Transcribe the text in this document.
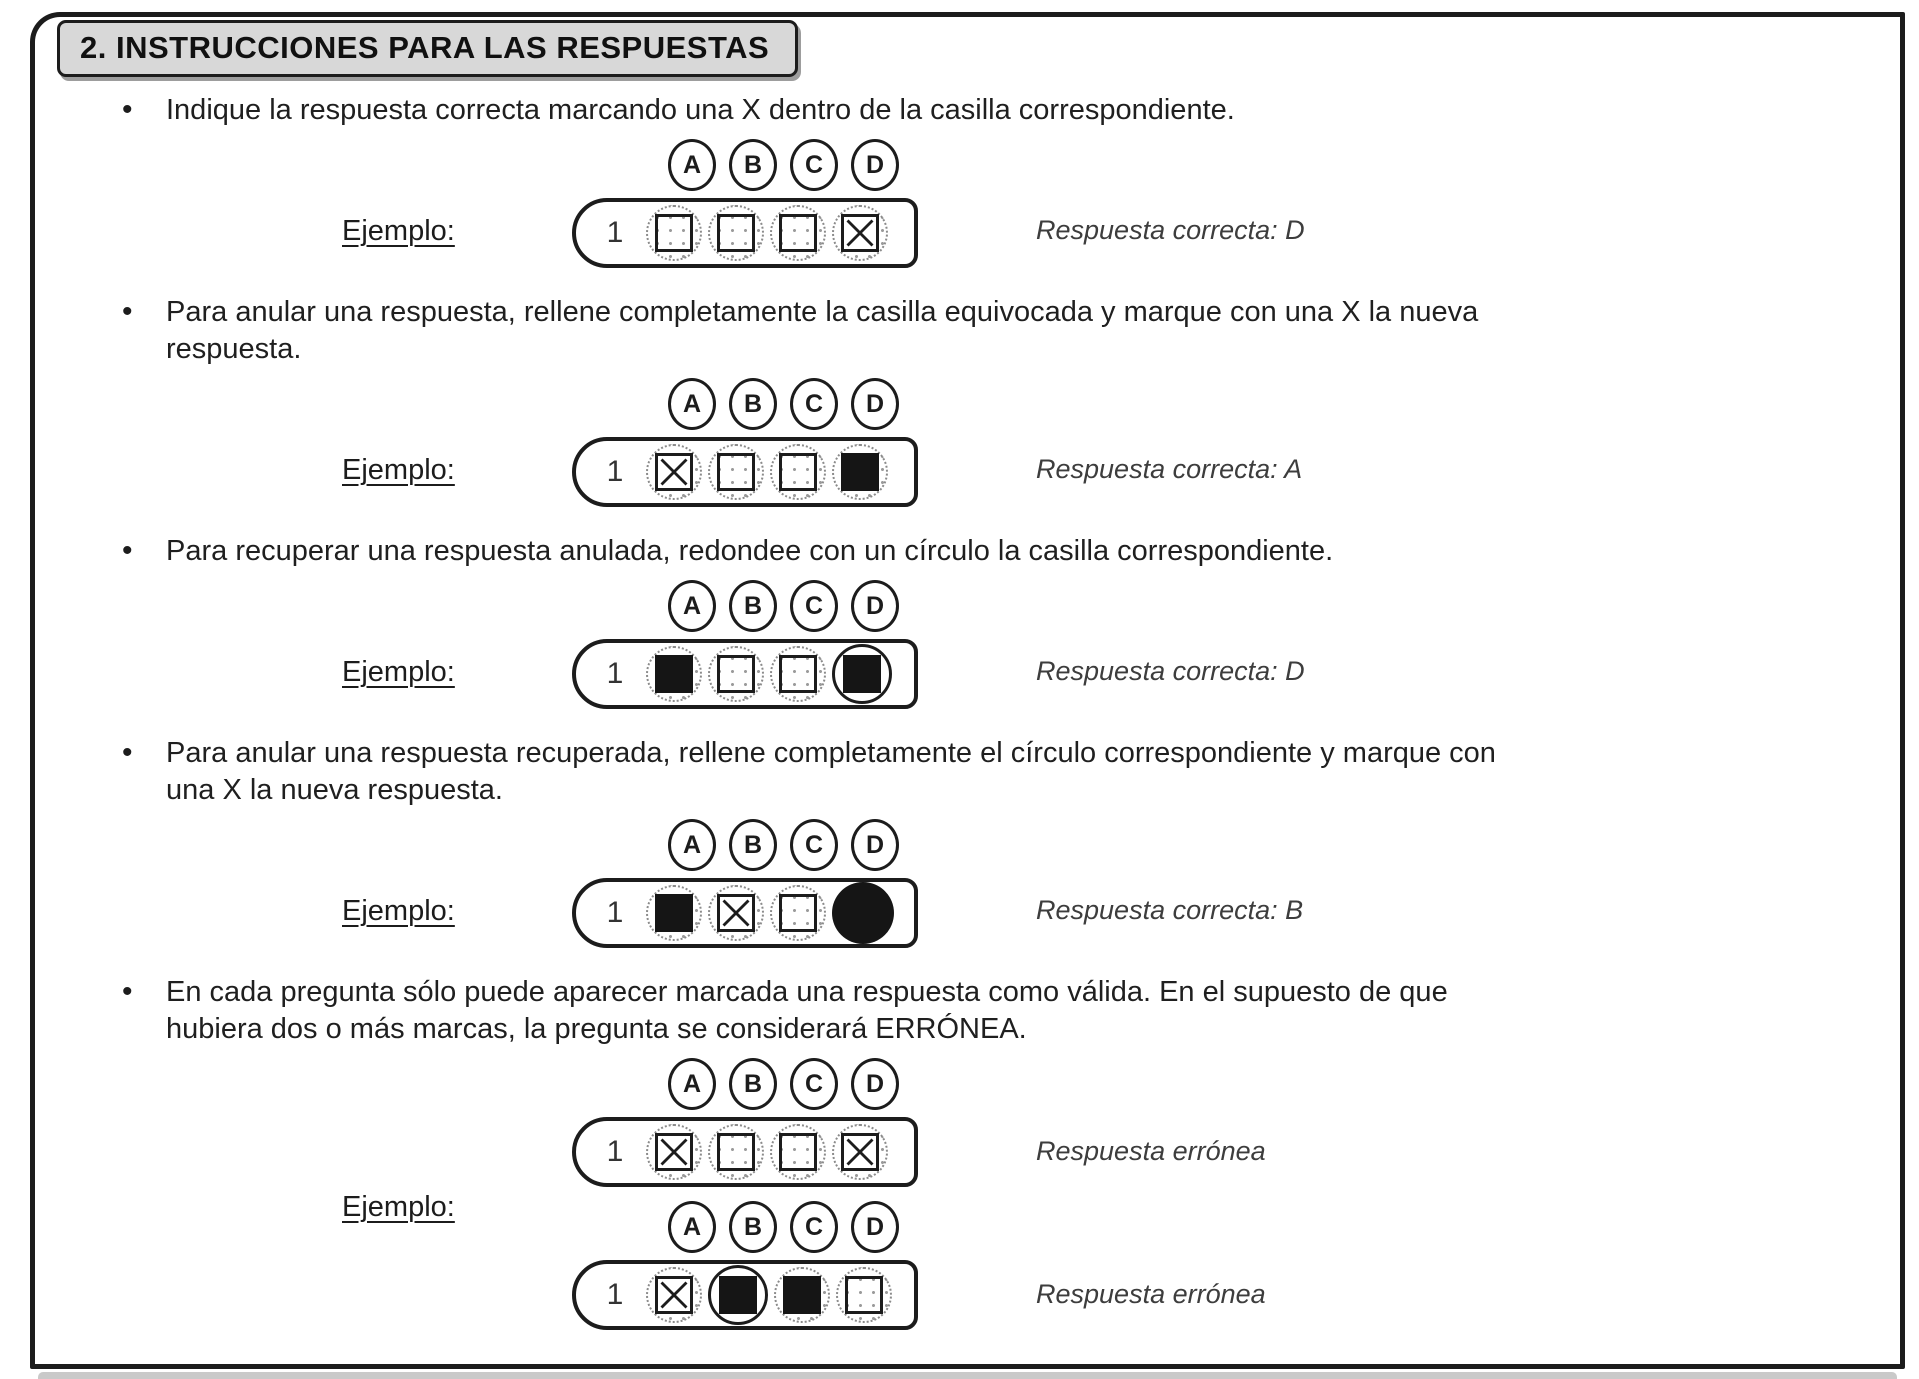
2. INSTRUCCIONES PARA LAS RESPUESTAS
• Indique la respuesta correcta marcando una X dentro de la casilla correspondiente.

Ejemplo:
A	B	C	D
1	Respuesta correcta: D
• Para anular una respuesta, rellene completamente la casilla equivocada y marque con una X la nueva respuesta.

Ejemplo:
A	B	C	D
1	Respuesta correcta: A
• Para recuperar una respuesta anulada, redondee con un círculo la casilla correspondiente.

Ejemplo:
A	B	C	D
1	Respuesta correcta: D
• Para anular una respuesta recuperada, rellene completamente el círculo correspondiente y marque con una X la nueva respuesta.

Ejemplo:
A	B	C	D
1	Respuesta correcta: B
• En cada pregunta sólo puede aparecer marcada una respuesta como válida. En el supuesto de que hubiera dos o más marcas, la pregunta se considerará ERRÓNEA.

Ejemplo:
A	B	C	D
1	Respuesta errónea
A	B	C	D
1	Respuesta errónea
